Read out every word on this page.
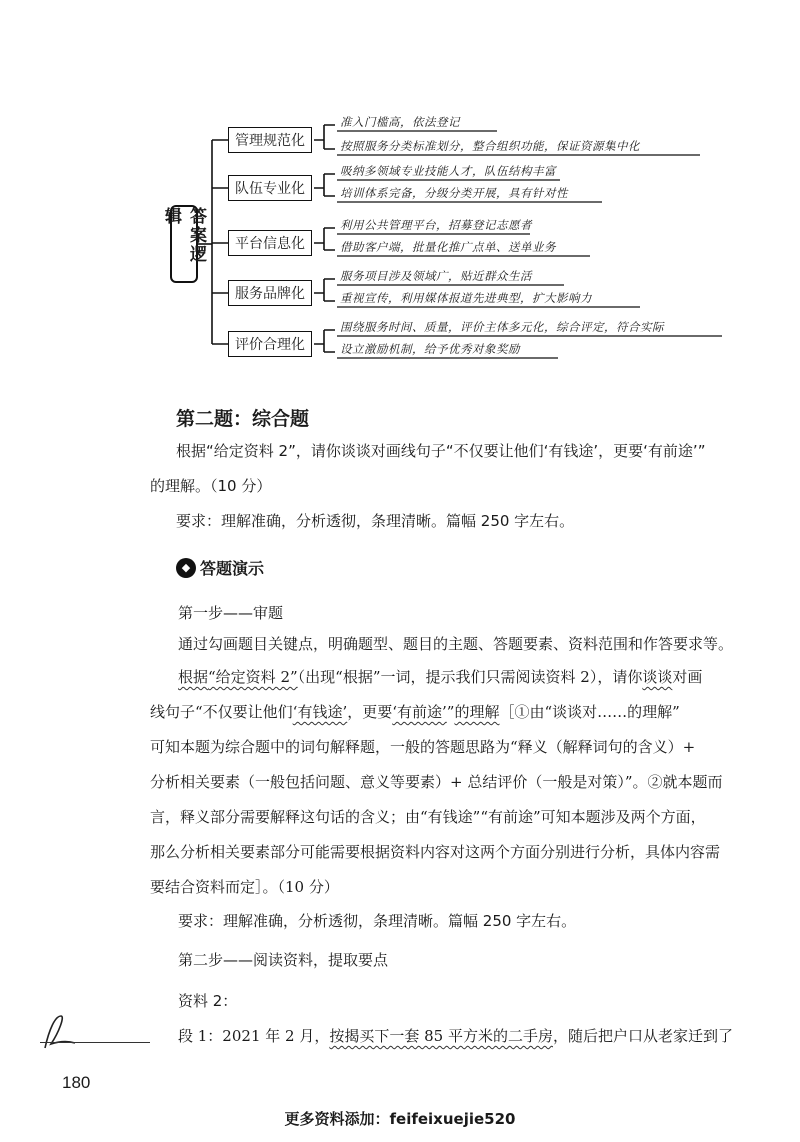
答案逻辑
管理规范化
队伍专业化
平台信息化
服务品牌化
评价合理化
准入门槛高，依法登记
按照服务分类标准划分，整合组织功能，保证资源集中化
吸纳多领域专业技能人才，队伍结构丰富
培训体系完备，分级分类开展，具有针对性
利用公共管理平台，招募登记志愿者
借助客户端，批量化推广点单、送单业务
服务项目涉及领域广，贴近群众生活
重视宣传，利用媒体报道先进典型，扩大影响力
围绕服务时间、质量，评价主体多元化，综合评定，符合实际
设立激励机制，给予优秀对象奖励
第二题：综合题
根据“给定资料 2”，请你谈谈对画线句子“不仅要让他们‘有钱途’，更要‘有前途’”
的理解。（10 分）
要求：理解准确，分析透彻，条理清晰。篇幅 250 字左右。
◆ 答题演示
第一步——审题
通过勾画题目关键点，明确题型、题目的主题、答题要素、资料范围和作答要求等。
根据“给定资料 2”（出现“根据”一词，提示我们只需阅读资料 2），请你谈谈对画
线句子“不仅要让他们‘有钱途’，更要‘有前途’”的理解［①由“谈谈对……的理解”
可知本题为综合题中的词句解释题，一般的答题思路为“释义（解释词句的含义）+
分析相关要素（一般包括问题、意义等要素）+ 总结评价（一般是对策）”。②就本题而
言，释义部分需要解释这句话的含义；由“有钱途”“有前途”可知本题涉及两个方面，
那么分析相关要素部分可能需要根据资料内容对这两个方面分别进行分析，具体内容需
要结合资料而定］。（10 分）
要求：理解准确，分析透彻，条理清晰。篇幅 250 字左右。
第二步——阅读资料，提取要点
资料 2：
段 1：2021 年 2 月，按揭买下一套 85 平方米的二手房，随后把户口从老家迁到了
180
更多资料添加：feifeixuejie520
